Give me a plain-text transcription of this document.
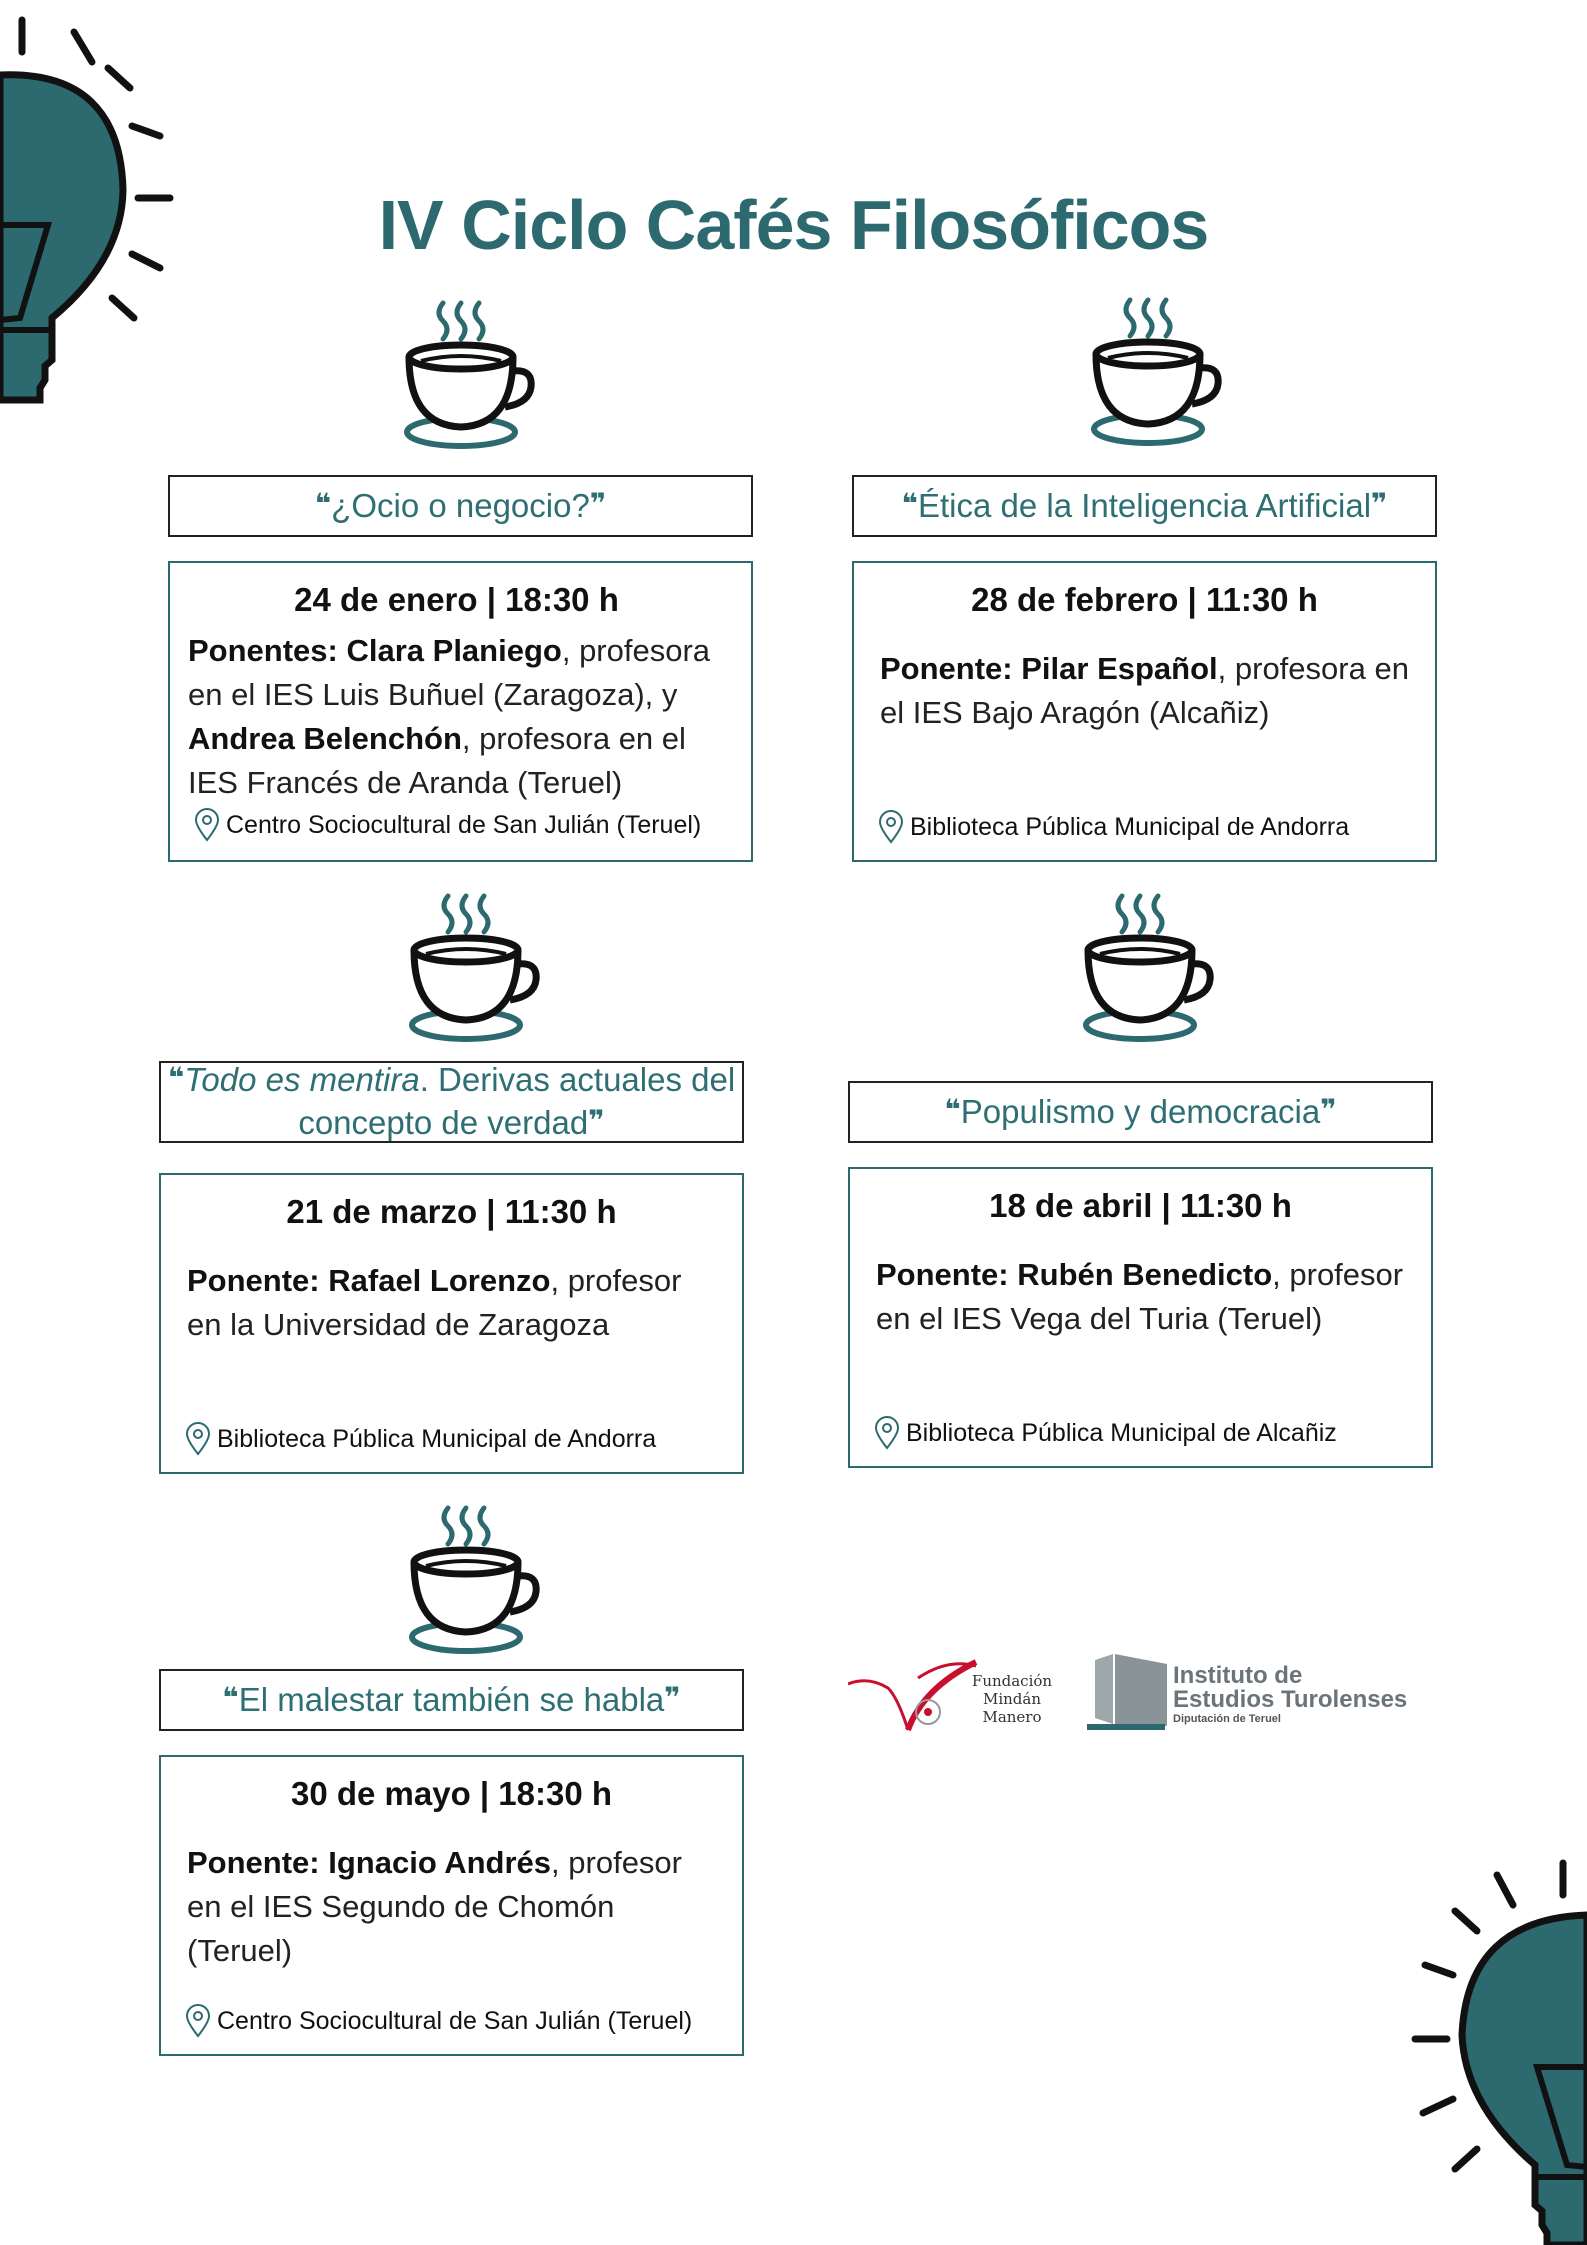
IV Ciclo Cafés Filosóficos
❝¿Ocio o negocio?❞

24 de enero | 18:30 h

Ponentes: Clara Planiego, profesora en el IES Luis Buñuel (Zaragoza), y Andrea Belenchón, profesora en el IES Francés de Aranda (Teruel)

Centro Sociocultural de San Julián (Teruel)
❝Ética de la Inteligencia Artificial❞

28 de febrero | 11:30 h

Ponente: Pilar Español, profesora en el IES Bajo Aragón (Alcañiz)

Biblioteca Pública Municipal de Andorra
❝Todo es mentira. Derivas actuales del concepto de verdad❞

21 de marzo | 11:30 h

Ponente: Rafael Lorenzo, profesor en la Universidad de Zaragoza

Biblioteca Pública Municipal de Andorra
❝Populismo y democracia❞

18 de abril | 11:30 h

Ponente: Rubén Benedicto, profesor en el IES Vega del Turia (Teruel)

Biblioteca Pública Municipal de Alcañiz
❝El malestar también se habla❞

30 de mayo | 18:30 h

Ponente: Ignacio Andrés, profesor en el IES Segundo de Chomón (Teruel)

Centro Sociocultural de San Julián (Teruel)
Fundación
Mindán Manero
Instituto de
Estudios Turolenses
Diputación de Teruel
